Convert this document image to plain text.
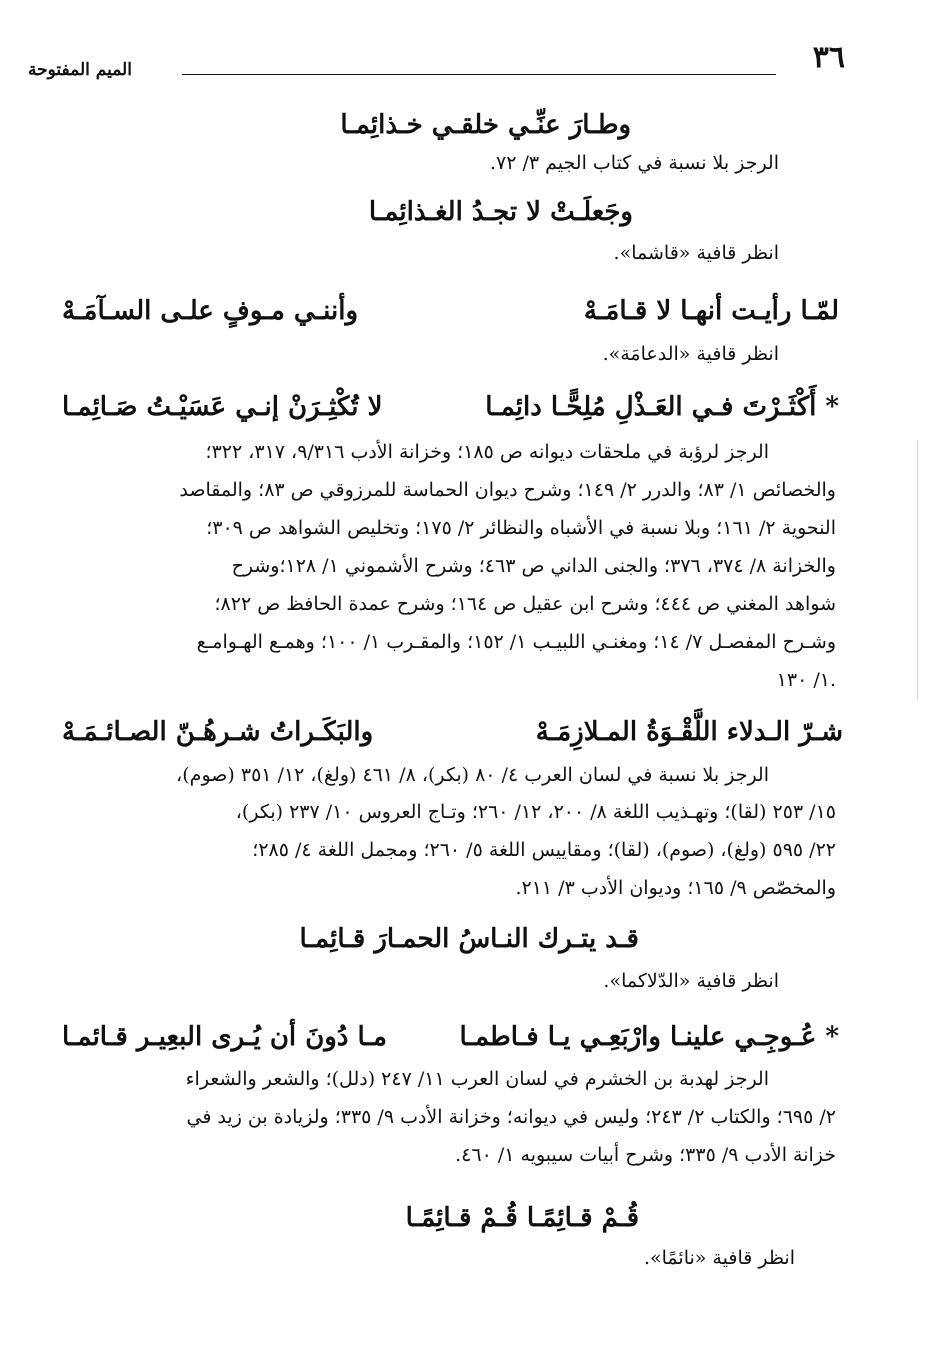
٣٦
الميم المفتوحة
وطـارَ عنِّـي خلقـي خـذائِمـا
الرجز بلا نسبة في كتاب الجيم ٣/ ٧٢.
وجَعلَـتْ لا تجـدُ الغـذائِمـا
انظر قافية «قاشما».
لمّـا رأيـت أنهـا لا قـامَـهْ
وأننـي مـوفٍ علـى السـآمَـهْ
انظر قافية «الدعامَة».
* أَكْثَـرْتَ فـي العَـذْلِ مُلِحًّـا دائِمـا
لا تُكْثِـرَنْ إنـي عَسَيْـتُ صَـائِمـا
الرجز لرؤبة في ملحقات ديوانه ص ١٨٥؛ وخزانة الأدب ٩/٣١٦، ٣١٧، ٣٢٢؛
والخصائص ١/ ٨٣؛ والدرر ٢/ ١٤٩؛ وشرح ديوان الحماسة للمرزوقي ص ٨٣؛ والمقاصد
النحوية ٢/ ١٦١؛ وبلا نسبة في الأشباه والنظائر ٢/ ١٧٥؛ وتخليص الشواهد ص ٣٠٩؛
والخزانة ٨/ ٣٧٤، ٣٧٦؛ والجنى الداني ص ٤٦٣؛ وشرح الأشموني ١/ ١٢٨؛وشرح
شواهد المغني ص ٤٤٤؛ وشرح ابن عقيل ص ١٦٤؛ وشرح عمدة الحافظ ص ٨٢٢؛
وشـرح المفصـل ٧/ ١٤؛ ومغنـي اللبيـب ١/ ١٥٢؛ والمقـرب ١/ ١٠٠؛ وهمـع الهـوامـع
١/ ١٣٠.
شـرّ الـدلاء اللَّقْـوَةُ المـلازِمَـهْ
والبَكَـراتُ شـرهُـنّ الصـائـمَـهْ
الرجز بلا نسبة في لسان العرب ٤/ ٨٠ (بكر)، ٨/ ٤٦١ (ولغ)، ١٢/ ٣٥١ (صوم)،
١٥/ ٢٥٣ (لقا)؛ وتهـذيب اللغة ٨/ ٢٠٠، ١٢/ ٢٦٠؛ وتـاج العروس ١٠/ ٢٣٧ (بكر)،
٢٢/ ٥٩٥ (ولغ)، (صوم)، (لقا)؛ ومقاييس اللغة ٥/ ٢٦٠؛ ومجمل اللغة ٤/ ٢٨٥؛
والمخصّص ٩/ ١٦٥؛ وديوان الأدب ٣/ ٢١١.
قـد يتـرك النـاسُ الحمـارَ قـائِمـا
انظر قافية «الدّلاكما».
* عُـوجِـي علينـا وارْبَعِـي يـا فـاطمـا
مـا دُونَ أن يُـرى البعِيـر قـائمـا
الرجز لهدبة بن الخشرم في لسان العرب ١١/ ٢٤٧ (دلل)؛ والشعر والشعراء
٢/ ٦٩٥؛ والكتاب ٢/ ٢٤٣؛ وليس في ديوانه؛ وخزانة الأدب ٩/ ٣٣٥؛ ولزيادة بن زيد في
خزانة الأدب ٩/ ٣٣٥؛ وشرح أبيات سيبويه ١/ ٤٦٠.
قُـمْ قـائِمًـا قُـمْ قـائِمًـا
انظر قافية «نائمًا».
